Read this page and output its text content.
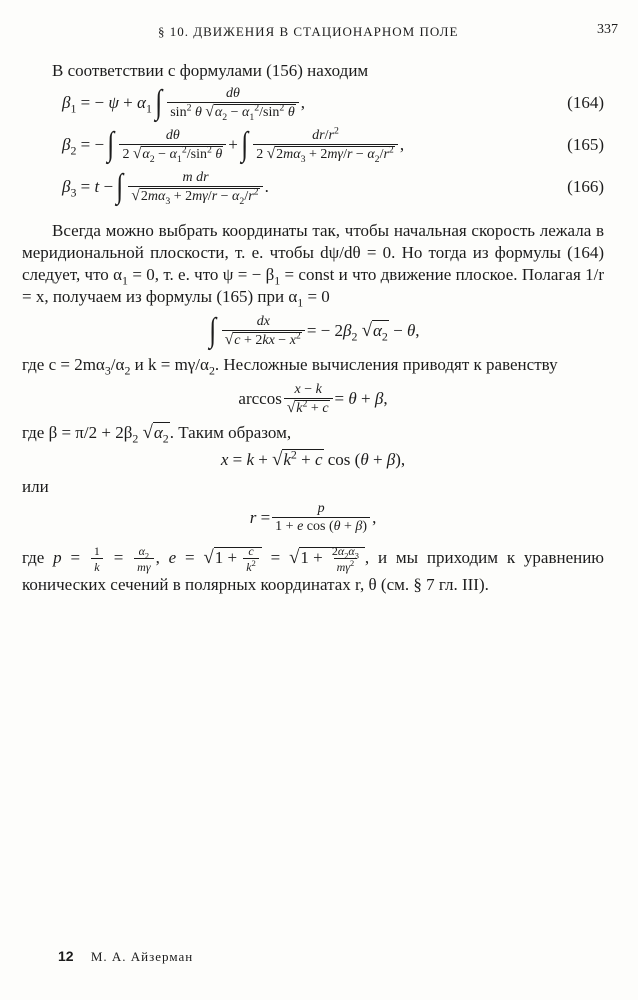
§ 10. ДВИЖЕНИЯ В СТАЦИОНАРНОМ ПОЛЕ	337

В соответствии с формулами (156) находим

$\beta_1$ = − $\psi + \alpha_1$ ∫ $\frac{d\theta}{\sin^2 \theta √\alpha_2 - \alpha_1^2/\sin^2 \theta}$ ,	(164)
$\beta_2$ = − ∫ $\frac{d\theta}{2 √\alpha_2 - \alpha_1^2/\sin^2 \theta}$ + ∫ $\frac{dr/r^2}{2 √2m\alpha_3 + 2m\gamma/r - \alpha_2/r^2}$ ,	(165)
$\beta_3 = t$ − ∫ $\frac{\text{m dr}}{√2m\alpha_3 + 2m\gamma/r - \alpha_2/r^2}$ .	(166)

Всегда можно выбрать координаты так, чтобы начальная скорость лежала в меридиональной плоскости, т. е. чтобы dψ/dθ = 0. Но тогда из формулы (164) следует, что $\alpha_1 = 0$, т. е. что ψ = − $\beta_1$ = const и что движение плоское. Полагая 1/r = x, получаем из формулы (165) при $\alpha_1 = 0$

∫ $\frac{dx}{√c + 2kx - x^2}$ = − $2\beta_2$ $√\alpha_2 - \theta$,

где $c = 2m\alpha_3/\alpha_2$ и $k = m\gamma/\alpha_2$. Несложные вычисления приводят к равенству

$\arccos \frac{x - k}{√k^2 + c} = \theta + \beta$,

где $\beta = \pi/2 + 2\beta_2$ $√\alpha_2$. Таким образом,

$x = k + √k^2 + c$ cos (θ + β),

или

$r = \frac{p}{\text{1 + e cos (θ + β)}}$ ,

где $p = \frac{1}{k} = \frac{\alpha_2}{m\gamma}$ , $e = √1 + \frac{c}{k^2} = √1 + \frac{2\alpha_2\alpha_3}{m\gamma^2}$ , и мы приходим к уравнению конических сечений в полярных координатах r, θ (см. § 7 гл. III).

12 М. А. Айзерман
